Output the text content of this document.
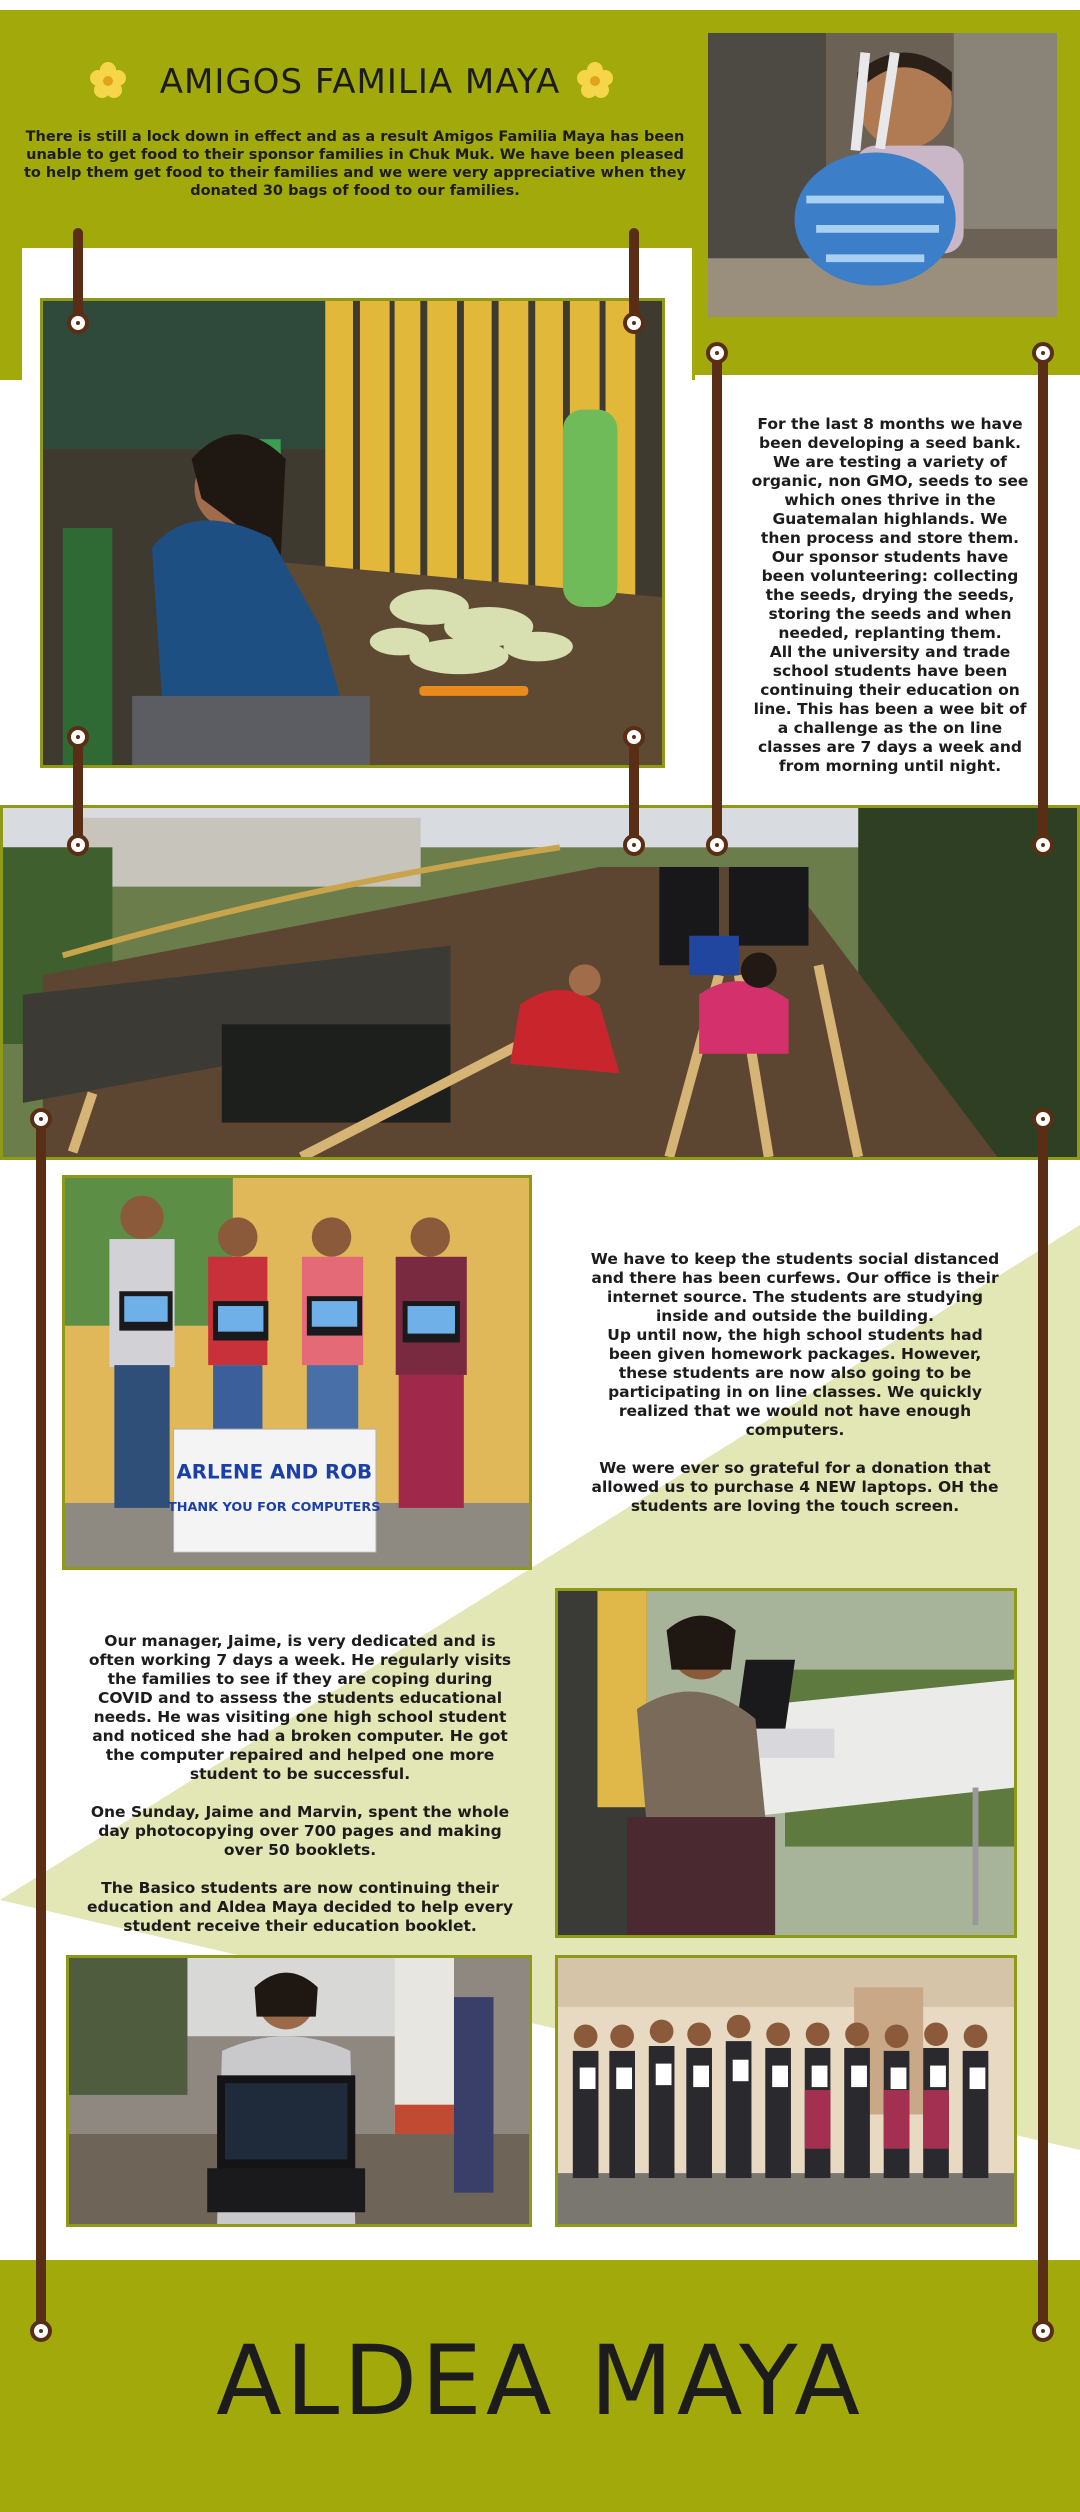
AMIGOS FAMILIA MAYA
There is still a lock down in effect and as a result Amigos Familia Maya has been unable to get food to their sponsor families in Chuk Muk. We have been pleased to help them get food to their families and we were very appreciative when they donated 30 bags of food to our families.
For the last 8 months we have been developing a seed bank. We are testing a variety of organic, non GMO, seeds to see which ones thrive in the Guatemalan highlands. We then process and store them.
Our sponsor students have been volunteering: collecting the seeds, drying the seeds, storing the seeds and when needed, replanting them.
All the university and trade school students have been continuing their education on line. This has been a wee bit of a challenge as the on line classes are 7 days a week and from morning until night.
ARLENE AND ROB
THANK YOU FOR COMPUTERS
We have to keep the students social distanced and there has been curfews. Our office is their internet source. The students are studying inside and outside the building.
Up until now, the high school students had been given homework packages. However, these students are now also going to be participating in on line classes. We quickly realized that we would not have enough computers.

We were ever so grateful for a donation that allowed us to purchase 4 NEW laptops. OH the students are loving the touch screen.
Our manager, Jaime, is very dedicated and is often working 7 days a week. He regularly visits the families to see if they are coping during COVID and to assess the students educational needs. He was visiting one high school student and noticed she had a broken computer. He got the computer repaired and helped one more student to be successful.

One Sunday, Jaime and Marvin, spent the whole day photocopying over 700 pages and making over 50 booklets.

The Basico students are now continuing their education and Aldea Maya decided to help every student receive their education booklet.
ALDEA MAYA
